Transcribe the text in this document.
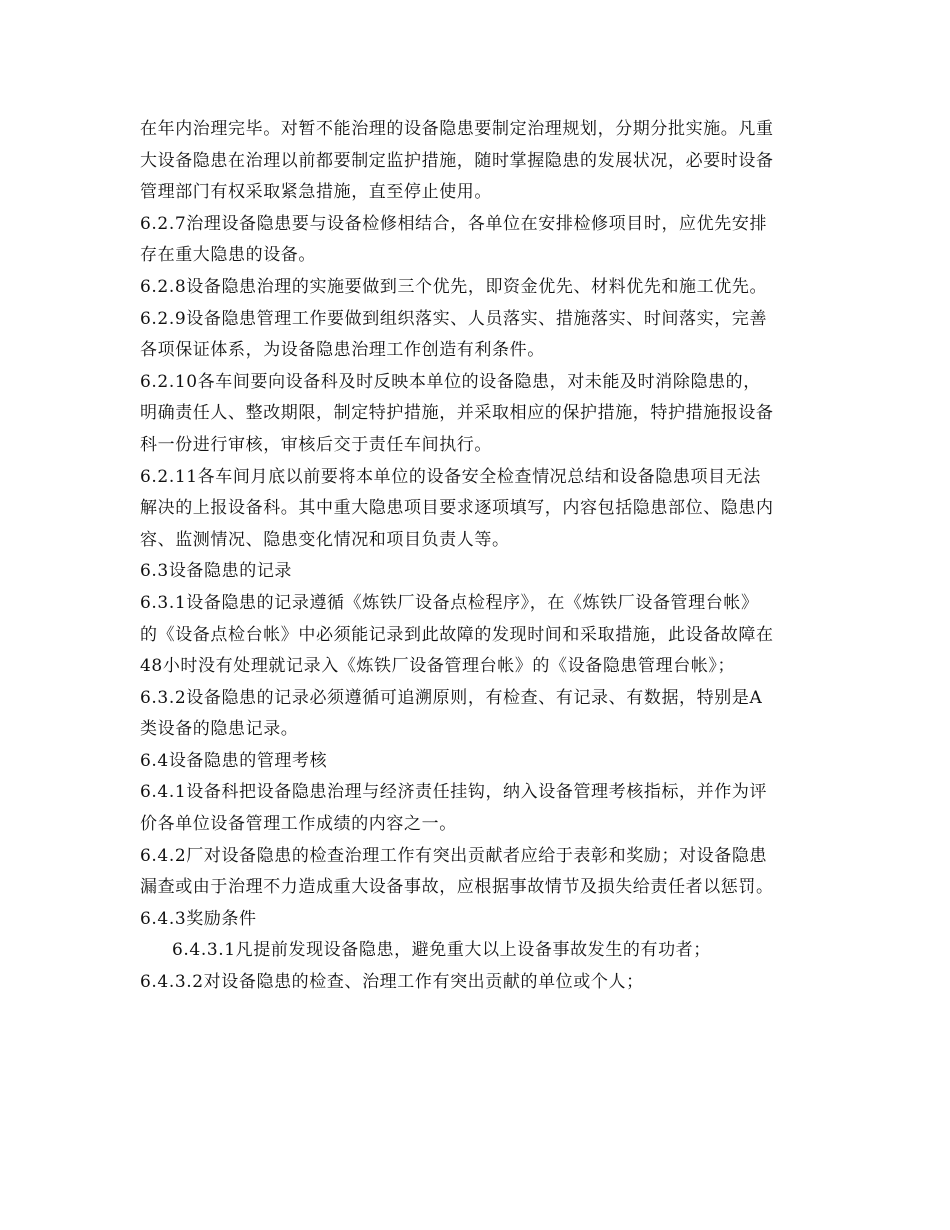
在年内治理完毕。对暂不能治理的设备隐患要制定治理规划，分期分批实施。凡重
大设备隐患在治理以前都要制定监护措施，随时掌握隐患的发展状况，必要时设备
管理部门有权采取紧急措施，直至停止使用。
6.2.7治理设备隐患要与设备检修相结合，各单位在安排检修项目时，应优先安排
存在重大隐患的设备。
6.2.8设备隐患治理的实施要做到三个优先，即资金优先、材料优先和施工优先。
6.2.9设备隐患管理工作要做到组织落实、人员落实、措施落实、时间落实，完善
各项保证体系，为设备隐患治理工作创造有利条件。
6.2.10各车间要向设备科及时反映本单位的设备隐患，对未能及时消除隐患的，
明确责任人、整改期限，制定特护措施，并采取相应的保护措施，特护措施报设备
科一份进行审核，审核后交于责任车间执行。
6.2.11各车间月底以前要将本单位的设备安全检查情况总结和设备隐患项目无法
解决的上报设备科。其中重大隐患项目要求逐项填写，内容包括隐患部位、隐患内
容、监测情况、隐患变化情况和项目负责人等。
6.3设备隐患的记录
6.3.1设备隐患的记录遵循《炼铁厂设备点检程序》，在《炼铁厂设备管理台帐》
的《设备点检台帐》中必须能记录到此故障的发现时间和采取措施，此设备故障在
48小时没有处理就记录入《炼铁厂设备管理台帐》的《设备隐患管理台帐》；
6.3.2设备隐患的记录必须遵循可追溯原则，有检查、有记录、有数据，特别是A
类设备的隐患记录。
6.4设备隐患的管理考核
6.4.1设备科把设备隐患治理与经济责任挂钩，纳入设备管理考核指标，并作为评
价各单位设备管理工作成绩的内容之一。
6.4.2厂对设备隐患的检查治理工作有突出贡献者应给于表彰和奖励；对设备隐患
漏查或由于治理不力造成重大设备事故，应根据事故情节及损失给责任者以惩罚。
6.4.3奖励条件
6.4.3.1凡提前发现设备隐患，避免重大以上设备事故发生的有功者；
6.4.3.2对设备隐患的检查、治理工作有突出贡献的单位或个人；
